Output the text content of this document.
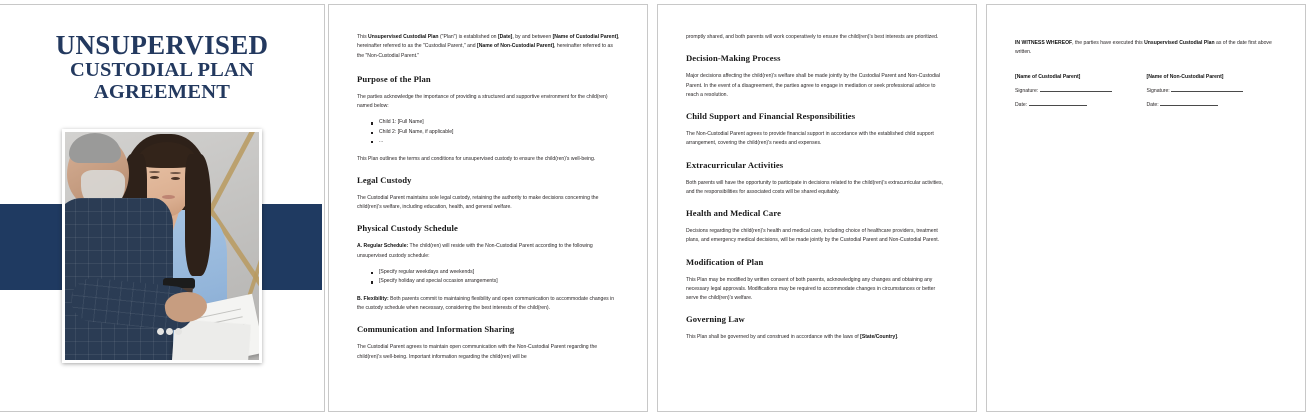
UNSUPERVISED
CUSTODIAL PLAN
AGREEMENT

This Unsupervised Custodial Plan ("Plan") is established on [Date], by and between [Name of Custodial Parent], hereinafter referred to as the "Custodial Parent," and [Name of Non-Custodial Parent], hereinafter referred to as the "Non-Custodial Parent."

Purpose of the Plan

The parties acknowledge the importance of providing a structured and supportive environment for the child(ren) named below:

Child 1: [Full Name]
Child 2: [Full Name, if applicable]
...

This Plan outlines the terms and conditions for unsupervised custody to ensure the child(ren)'s well-being.

Legal Custody

The Custodial Parent maintains sole legal custody, retaining the authority to make decisions concerning the child(ren)'s welfare, including education, health, and general welfare.

Physical Custody Schedule

A. Regular Schedule: The child(ren) will reside with the Non-Custodial Parent according to the following unsupervised custody schedule:

[Specify regular weekdays and weekends]
[Specify holiday and special occasion arrangements]

B. Flexibility: Both parents commit to maintaining flexibility and open communication to accommodate changes in the custody schedule when necessary, considering the best interests of the child(ren).

Communication and Information Sharing

The Custodial Parent agrees to maintain open communication with the Non-Custodial Parent regarding the child(ren)'s well-being. Important information regarding the child(ren) will be

promptly shared, and both parents will work cooperatively to ensure the child(ren)'s best interests are prioritized.

Decision-Making Process

Major decisions affecting the child(ren)'s welfare shall be made jointly by the Custodial Parent and Non-Custodial Parent. In the event of a disagreement, the parties agree to engage in mediation or seek professional advice to reach a resolution.

Child Support and Financial Responsibilities

The Non-Custodial Parent agrees to provide financial support in accordance with the established child support arrangement, covering the child(ren)'s needs and expenses.

Extracurricular Activities

Both parents will have the opportunity to participate in decisions related to the child(ren)'s extracurricular activities, and the responsibilities for associated costs will be shared equitably.

Health and Medical Care

Decisions regarding the child(ren)'s health and medical care, including choice of healthcare providers, treatment plans, and emergency medical decisions, will be made jointly by the Custodial Parent and Non-Custodial Parent.

Modification of Plan

This Plan may be modified by written consent of both parents, acknowledging any changes and obtaining any necessary legal approvals. Modifications may be required to accommodate changes in circumstances or better serve the child(ren)'s welfare.

Governing Law

This Plan shall be governed by and construed in accordance with the laws of [State/Country].

IN WITNESS WHEREOF, the parties have executed this Unsupervised Custodial Plan as of the date first above written.

[Name of Custodial Parent]

Signature:

Date:

[Name of Non-Custodial Parent]

Signature:

Date:
